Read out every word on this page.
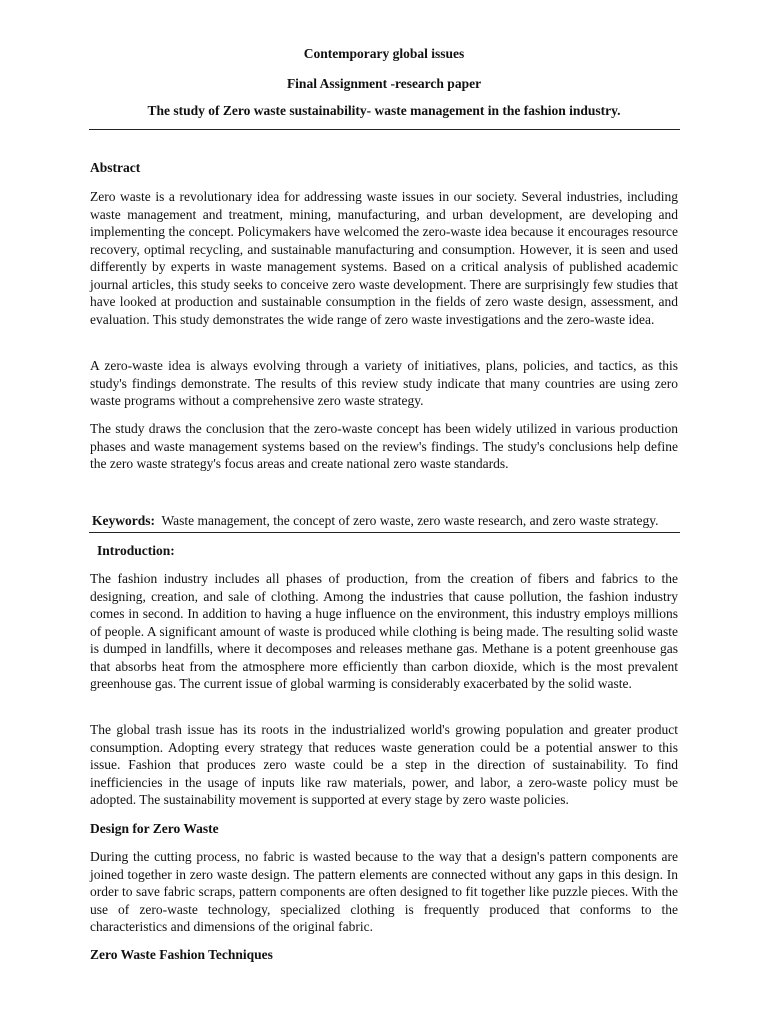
Contemporary global issues
Final Assignment -research paper
The study of Zero waste sustainability- waste management in the fashion industry.
Abstract

Zero waste is a revolutionary idea for addressing waste issues in our society. Several industries, including waste management and treatment, mining, manufacturing, and urban development, are developing and implementing the concept. Policymakers have welcomed the zero-waste idea because it encourages resource recovery, optimal recycling, and sustainable manufacturing and consumption. However, it is seen and used differently by experts in waste management systems. Based on a critical analysis of published academic journal articles, this study seeks to conceive zero waste development. There are surprisingly few studies that have looked at production and sustainable consumption in the fields of zero waste design, assessment, and evaluation. This study demonstrates the wide range of zero waste investigations and the zero-waste idea.

A zero-waste idea is always evolving through a variety of initiatives, plans, policies, and tactics, as this study's findings demonstrate. The results of this review study indicate that many countries are using zero waste programs without a comprehensive zero waste strategy.

The study draws the conclusion that the zero-waste concept has been widely utilized in various production phases and waste management systems based on the review's findings. The study's conclusions help define the zero waste strategy's focus areas and create national zero waste standards.

Keywords: Waste management, the concept of zero waste, zero waste research, and zero waste strategy.
Introduction:

The fashion industry includes all phases of production, from the creation of fibers and fabrics to the designing, creation, and sale of clothing. Among the industries that cause pollution, the fashion industry comes in second. In addition to having a huge influence on the environment, this industry employs millions of people. A significant amount of waste is produced while clothing is being made. The resulting solid waste is dumped in landfills, where it decomposes and releases methane gas. Methane is a potent greenhouse gas that absorbs heat from the atmosphere more efficiently than carbon dioxide, which is the most prevalent greenhouse gas. The current issue of global warming is considerably exacerbated by the solid waste.

The global trash issue has its roots in the industrialized world's growing population and greater product consumption. Adopting every strategy that reduces waste generation could be a potential answer to this issue. Fashion that produces zero waste could be a step in the direction of sustainability. To find inefficiencies in the usage of inputs like raw materials, power, and labor, a zero-waste policy must be adopted. The sustainability movement is supported at every stage by zero waste policies.

Design for Zero Waste

During the cutting process, no fabric is wasted because to the way that a design's pattern components are joined together in zero waste design. The pattern elements are connected without any gaps in this design. In order to save fabric scraps, pattern components are often designed to fit together like puzzle pieces. With the use of zero-waste technology, specialized clothing is frequently produced that conforms to the characteristics and dimensions of the original fabric.

Zero Waste Fashion Techniques
